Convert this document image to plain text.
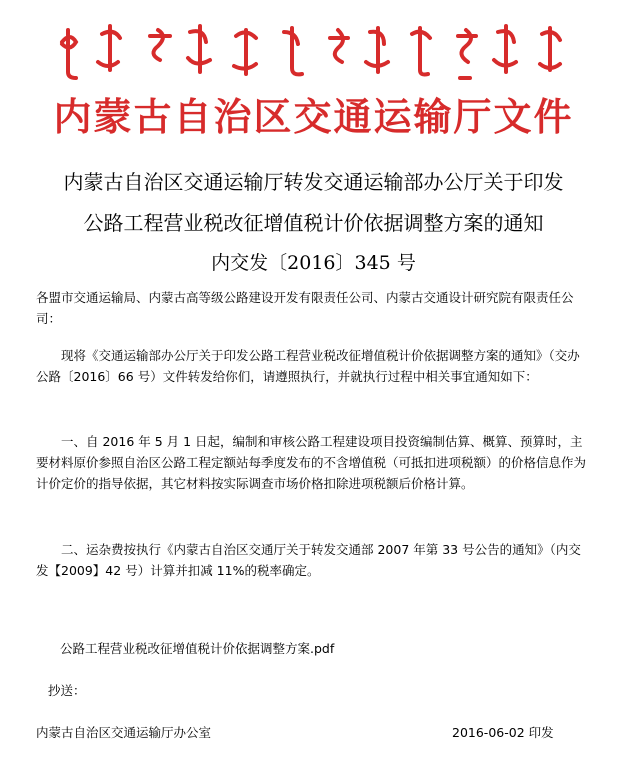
内蒙古自治区交通运输厅文件
内蒙古自治区交通运输厅转发交通运输部办公厅关于印发
公路工程营业税改征增值税计价依据调整方案的通知
内交发〔2016〕345 号

各盟市交通运输局、内蒙古高等级公路建设开发有限责任公司、内蒙古交通设计研究院有限责任公司：

现将《交通运输部办公厅关于印发公路工程营业税改征增值税计价依据调整方案的通知》（交办公路〔2016〕66 号）文件转发给你们，请遵照执行，并就执行过程中相关事宜通知如下：

一、自 2016 年 5 月 1 日起，编制和审核公路工程建设项目投资编制估算、概算、预算时，主要材料原价参照自治区公路工程定额站每季度发布的不含增值税（可抵扣进项税额）的价格信息作为计价定价的指导依据，其它材料按实际调查市场价格扣除进项税额后价格计算。

二、运杂费按执行《内蒙古自治区交通厅关于转发交通部 2007 年第 33 号公告的通知》（内交发【2009】42 号）计算并扣减 11%的税率确定。

公路工程营业税改征增值税计价依据调整方案.pdf

抄送：

内蒙古自治区交通运输厅办公室	2016-06-02 印发
